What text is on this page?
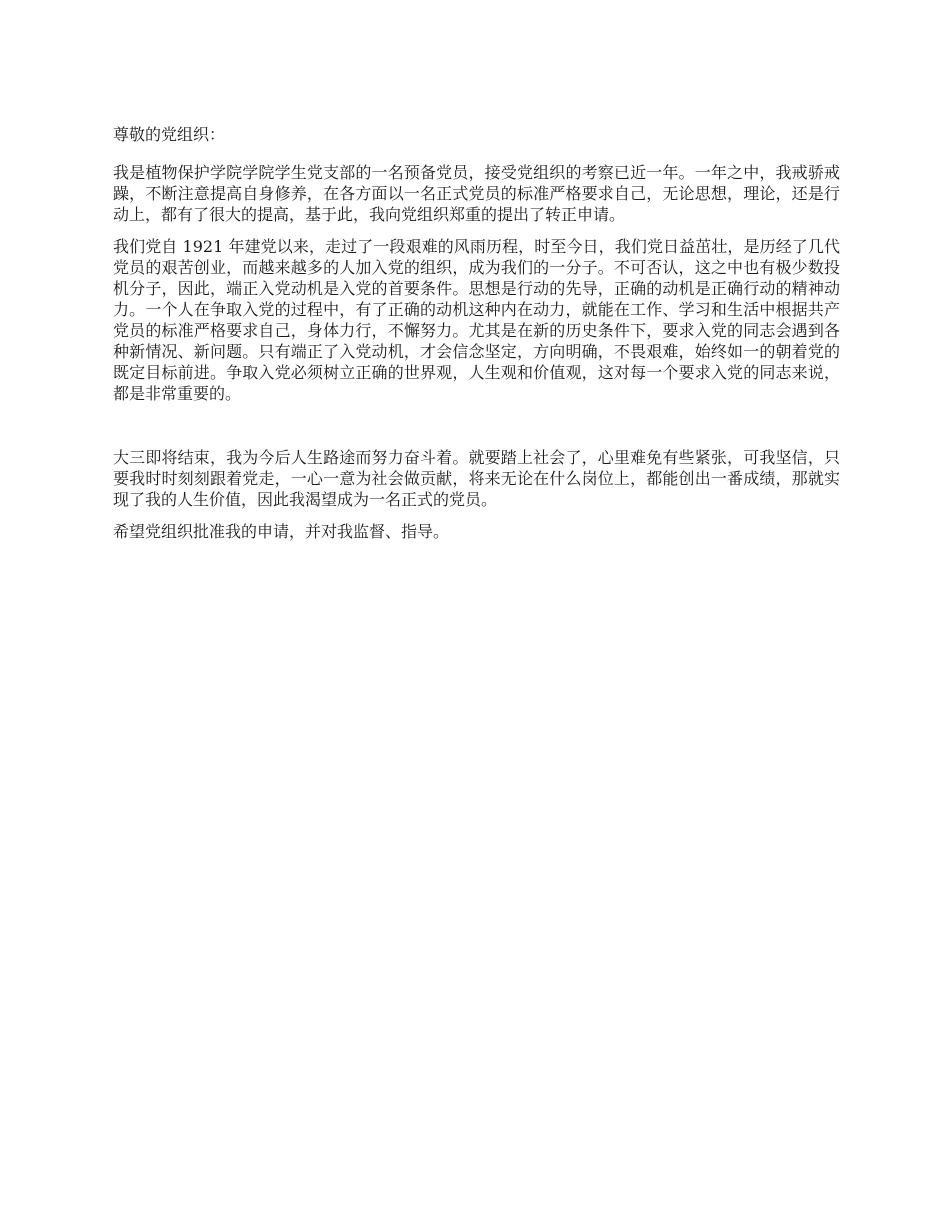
尊敬的党组织：

我是植物保护学院学院学生党支部的一名预备党员，接受党组织的考察已近一年。一年之中，我戒骄戒躁，不断注意提高自身修养，在各方面以一名正式党员的标准严格要求自己，无论思想，理论，还是行动上，都有了很大的提高，基于此，我向党组织郑重的提出了转正申请。

我们党自 1921 年建党以来，走过了一段艰难的风雨历程，时至今日，我们党日益茁壮，是历经了几代党员的艰苦创业，而越来越多的人加入党的组织，成为我们的一分子。不可否认，这之中也有极少数投机分子，因此，端正入党动机是入党的首要条件。思想是行动的先导，正确的动机是正确行动的精神动力。一个人在争取入党的过程中，有了正确的动机这种内在动力，就能在工作、学习和生活中根据共产党员的标准严格要求自己，身体力行，不懈努力。尤其是在新的历史条件下，要求入党的同志会遇到各种新情况、新问题。只有端正了入党动机，才会信念坚定，方向明确，不畏艰难，始终如一的朝着党的既定目标前进。争取入党必须树立正确的世界观，人生观和价值观，这对每一个要求入党的同志来说，都是非常重要的。

大三即将结束，我为今后人生路途而努力奋斗着。就要踏上社会了，心里难免有些紧张，可我坚信，只要我时时刻刻跟着党走，一心一意为社会做贡献，将来无论在什么岗位上，都能创出一番成绩，那就实现了我的人生价值，因此我渴望成为一名正式的党员。

希望党组织批准我的申请，并对我监督、指导。
